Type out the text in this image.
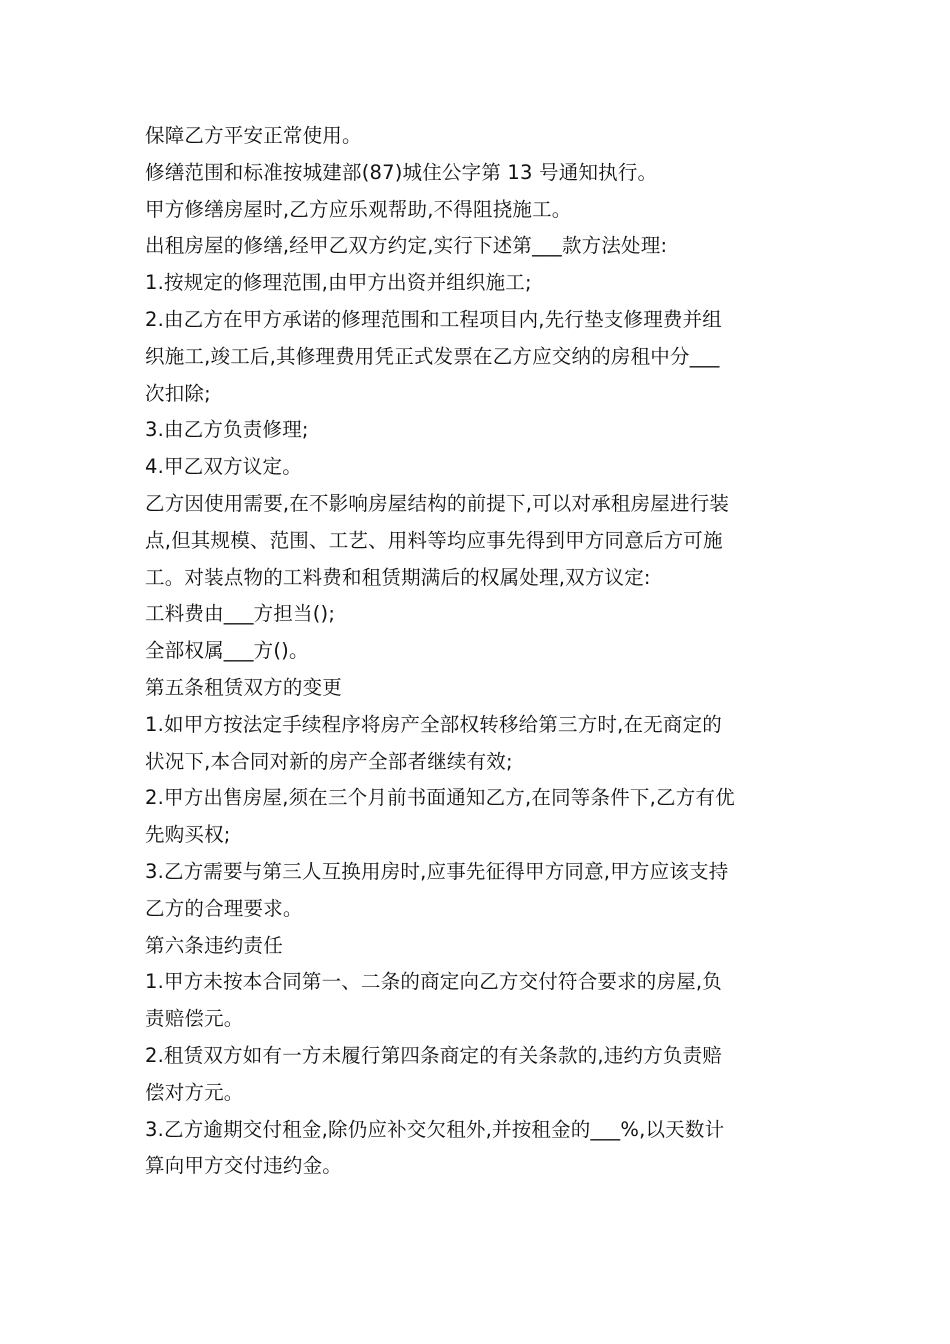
保障乙方平安正常使用。
修缮范围和标准按城建部(87)城住公字第 13 号通知执行。
甲方修缮房屋时,乙方应乐观帮助,不得阻挠施工。
出租房屋的修缮,经甲乙双方约定,实行下述第___款方法处理:
1.按规定的修理范围,由甲方出资并组织施工;
2.由乙方在甲方承诺的修理范围和工程项目内,先行垫支修理费并组
织施工,竣工后,其修理费用凭正式发票在乙方应交纳的房租中分___
次扣除;
3.由乙方负责修理;
4.甲乙双方议定。
乙方因使用需要,在不影响房屋结构的前提下,可以对承租房屋进行装
点,但其规模、范围、工艺、用料等均应事先得到甲方同意后方可施
工。对装点物的工料费和租赁期满后的权属处理,双方议定:
工料费由___方担当();
全部权属___方()。
第五条租赁双方的变更
1.如甲方按法定手续程序将房产全部权转移给第三方时,在无商定的
状况下,本合同对新的房产全部者继续有效;
2.甲方出售房屋,须在三个月前书面通知乙方,在同等条件下,乙方有优
先购买权;
3.乙方需要与第三人互换用房时,应事先征得甲方同意,甲方应该支持
乙方的合理要求。
第六条违约责任
1.甲方未按本合同第一、二条的商定向乙方交付符合要求的房屋,负
责赔偿元。
2.租赁双方如有一方未履行第四条商定的有关条款的,违约方负责赔
偿对方元。
3.乙方逾期交付租金,除仍应补交欠租外,并按租金的___%,以天数计
算向甲方交付违约金。
